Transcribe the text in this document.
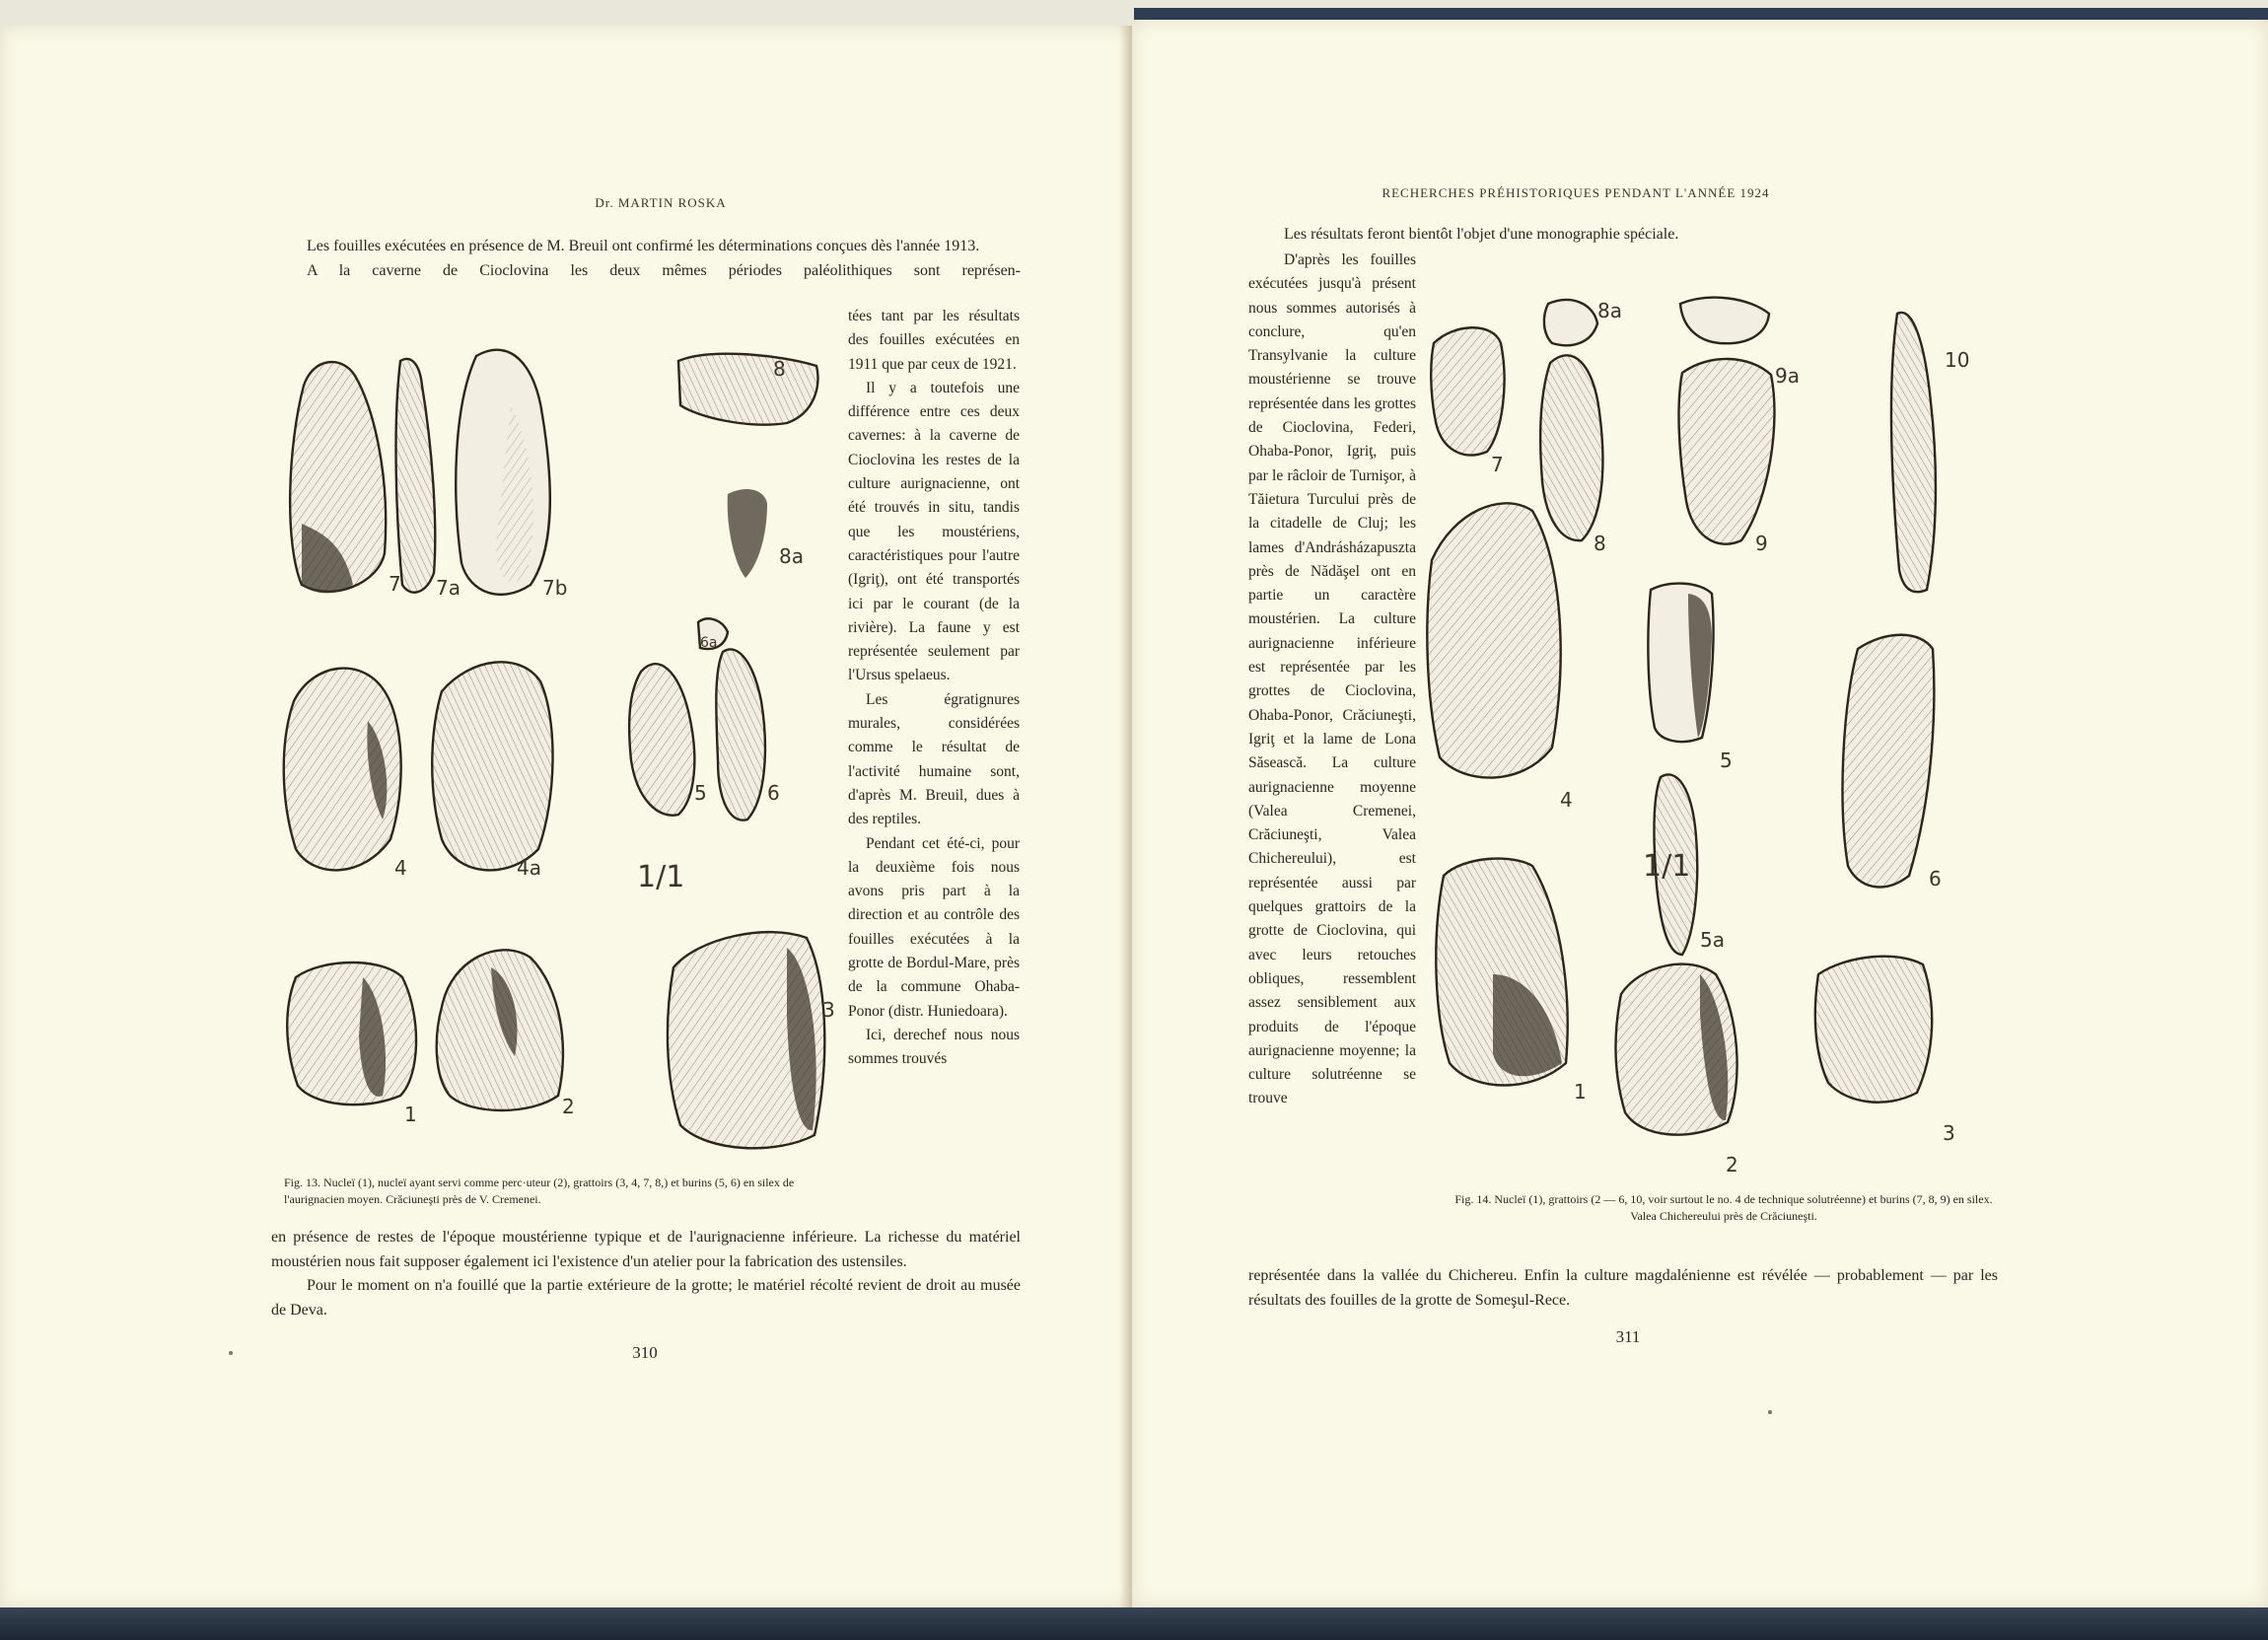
Dr. MARTIN ROSKA

Les fouilles exécutées en présence de M. Breuil ont confirmé les déterminations conçues dès l'année 1913.

A la caverne de Cioclovina les deux mêmes périodes paléolithiques sont représen-

tées tant par les résultats des fouilles exécutées en 1911 que par ceux de 1921.

Il y a toutefois une différence entre ces deux cavernes: à la caverne de Cioclovina les restes de la culture aurignacienne, ont été trouvés in situ, tandis que les moustériens, caractéristiques pour l'autre (Igriţ), ont été transportés ici par le courant (de la rivière). La faune y est représentée seulement par l'Ursus spelaeus.

Les égratignures murales, considérées comme le résultat de l'activité humaine sont, d'après M. Breuil, dues à des reptiles.

Pendant cet été-ci, pour la deuxième fois nous avons pris part à la direction et au contrôle des fouilles exécutées à la grotte de Bordul-Mare, près de la commune Ohaba-Ponor (distr. Huniedoara).

Ici, derechef nous nous sommes trouvés

7 7a	7b
8
8a
6a
4	4a
5	6
1/1
1	2
3
Fig. 13. Nucleï (1), nucleï ayant servi comme perc·uteur (2), grattoirs (3, 4, 7, 8,) et burins (5, 6) en silex de l'aurignacien moyen. Crăciuneşti près de V. Cremenei.

en présence de restes de l'époque moustérienne typique et de l'aurignacienne inférieure. La richesse du matériel moustérien nous fait supposer également ici l'existence d'un atelier pour la fabrication des ustensiles.

Pour le moment on n'a fouillé que la partie extérieure de la grotte; le matériel récolté revient de droit au musée de Deva.

310
RECHERCHES PRÉHISTORIQUES PENDANT L'ANNÉE 1924

Les résultats feront bientôt l'objet d'une monographie spéciale.

D'après les fouilles exécutées jusqu'à présent nous sommes autorisés à conclure, qu'en Transylvanie la culture moustérienne se trouve représentée dans les grottes de Cioclovina, Federi, Ohaba-Ponor, Igriţ, puis par le râcloir de Turnişor, à Tăietura Turcului près de la citadelle de Cluj; les lames d'Andrásházapuszta près de Nădăşel ont en partie un caractère moustérien. La culture aurignacienne inférieure est représentée par les grottes de Cioclovina, Ohaba-Ponor, Crăciuneşti, Igriţ et la lame de Lona Săsească. La culture aurignacienne moyenne (Valea Cremenei, Crăciuneşti, Valea Chichereului), est représentée aussi par quelques grattoirs de la grotte de Cioclovina, qui avec leurs retouches obliques, ressemblent assez sensiblement aux produits de l'époque aurignacienne moyenne; la culture solutréenne se trouve

7
8a
9a
10
8	9
4
5
6
1/1
5a
1
2
3
Fig. 14. Nucleï (1), grattoirs (2 — 6, 10, voir surtout le no. 4 de technique solutréenne) et burins (7, 8, 9) en silex. Valea Chichereului près de Crăciuneşti.

représentée dans la vallée du Chichereu. Enfin la culture magdalénienne est révélée — probablement — par les résultats des fouilles de la grotte de Someşul-Rece.

311
